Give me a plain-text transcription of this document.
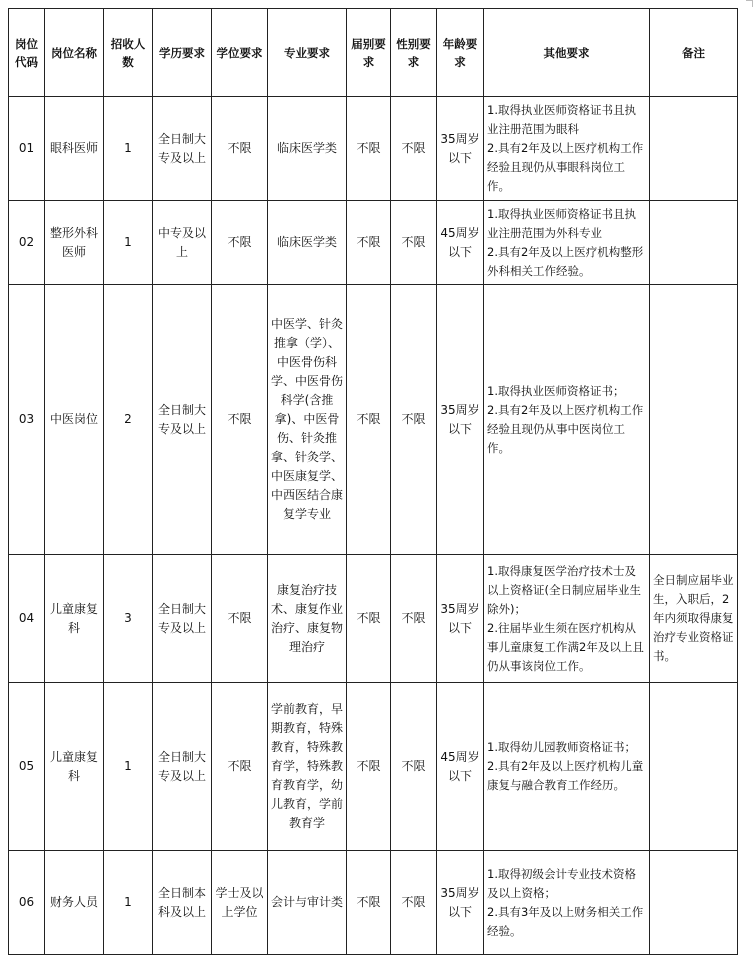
岗位代码	岗位名称	招收人数	学历要求	学位要求	专业要求	届别要求	性别要求	年龄要求	其他要求	备注
01	眼科医师	1	全日制大专及以上	不限	临床医学类	不限	不限	35周岁以下	1.取得执业医师资格证书且执业注册范围为眼科
2.具有2年及以上医疗机构工作经验且现仍从事眼科岗位工作。	
02	整形外科医师	1	中专及以上	不限	临床医学类	不限	不限	45周岁以下	1.取得执业医师资格证书且执业注册范围为外科专业
2.具有2年及以上医疗机构整形外科相关工作经验。	
03	中医岗位	2	全日制大专及以上	不限	中医学、针灸推拿（学）、中医骨伤科学、中医骨伤科学(含推拿)、中医骨伤、针灸推拿、针灸学、中医康复学、中西医结合康复学专业	不限	不限	35周岁以下	1.取得执业医师资格证书；
2.具有2年及以上医疗机构工作经验且现仍从事中医岗位工作。	
04	儿童康复科	3	全日制大专及以上	不限	康复治疗技术、康复作业治疗、康复物理治疗	不限	不限	35周岁以下	1.取得康复医学治疗技术士及以上资格证(全日制应届毕业生除外)；
2.往届毕业生须在医疗机构从事儿童康复工作满2年及以上且仍从事该岗位工作。	全日制应届毕业生，入职后，2年内须取得康复治疗专业资格证书。
05	儿童康复科	1	全日制大专及以上	不限	学前教育，早期教育，特殊教育，特殊教育学，特殊教育教育学，幼儿教育，学前教育学	不限	不限	45周岁以下	1.取得幼儿园教师资格证书；
2.具有2年及以上医疗机构儿童康复与融合教育工作经历。	
06	财务人员	1	全日制本科及以上	学士及以上学位	会计与审计类	不限	不限	35周岁以下	1.取得初级会计专业技术资格及以上资格；
2.具有3年及以上财务相关工作经验。	
